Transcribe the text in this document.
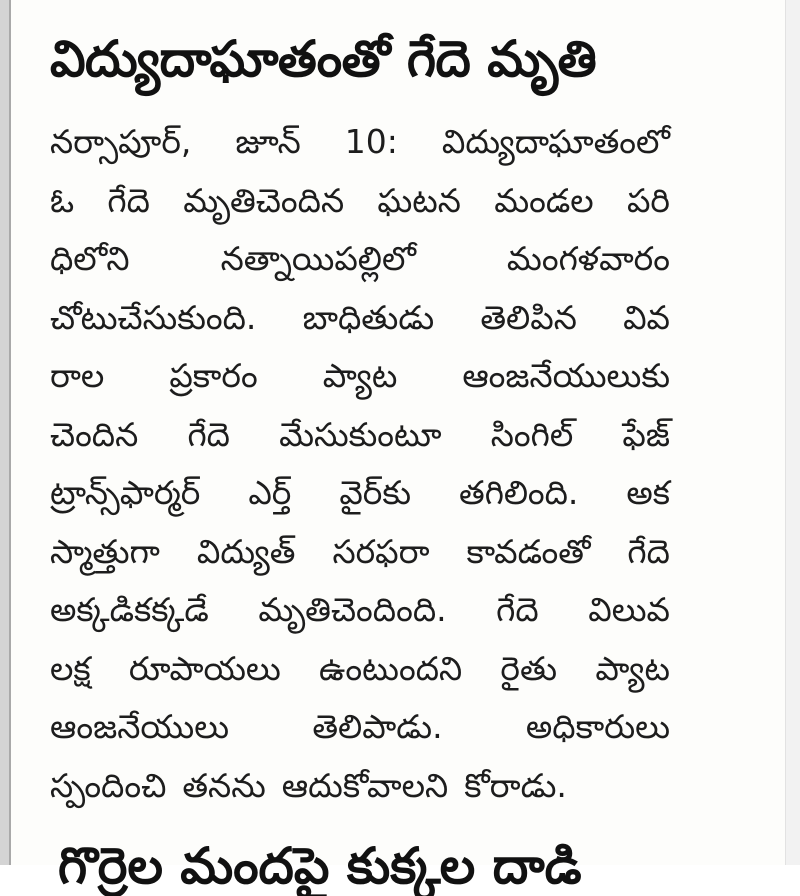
విద్యుదాఘాతంతో గేదె మృతి
నర్సాపూర్, జూన్ 10: విద్యుదాఘాతంలో
ఓ గేదె మృతిచెందిన ఘటన మండల పరి
ధిలోని	నత్నాయిపల్లిలో	మంగళవారం
చోటుచేసుకుంది. బాధితుడు తెలిపిన వివ
రాల ప్రకారం ప్యాట ఆంజనేయులుకు
చెందిన గేదె మేసుకుంటూ సింగిల్ ఫేజ్
ట్రాన్స్‌ఫార్మర్ ఎర్త్ వైర్‌కు తగిలింది. అక
స్మాత్తుగా విద్యుత్ సరఫరా కావడంతో గేదె
అక్కడికక్కడే మృతిచెందింది. గేదె విలువ
లక్ష రూపాయలు ఉంటుందని రైతు ప్యాట
ఆంజనేయులు	తెలిపాడు.	అధికారులు
స్పందించి తనను ఆదుకోవాలని కోరాడు.
గొర్రెల మందపై కుక్కల దాడి
